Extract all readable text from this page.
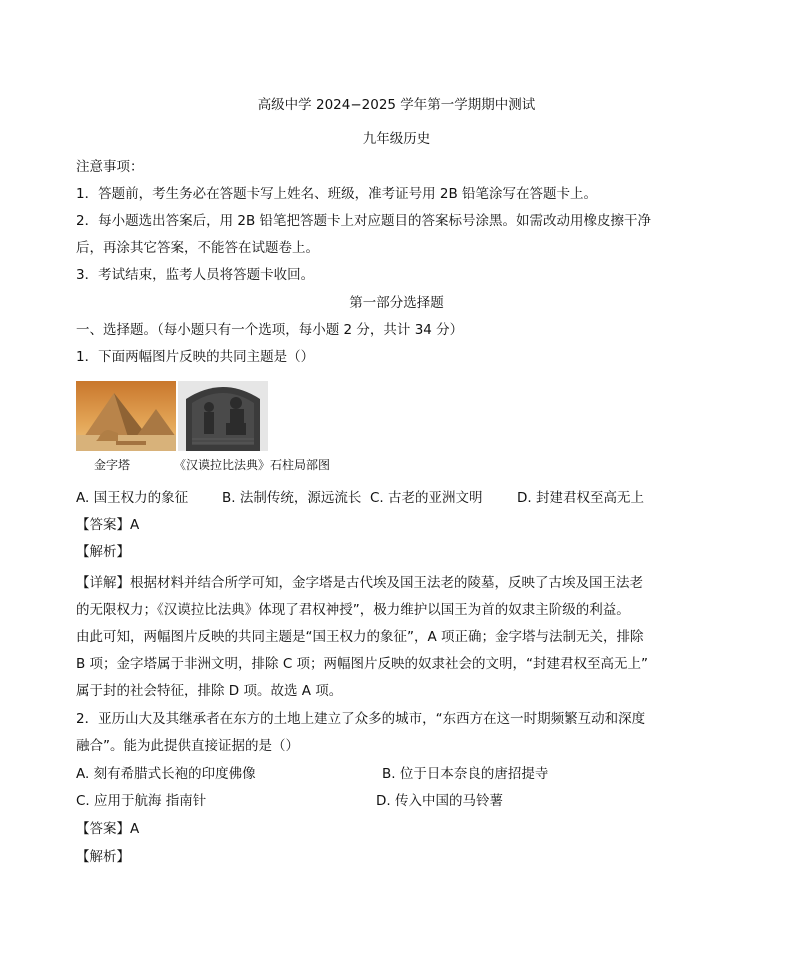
高级中学 2024−2025 学年第一学期期中测试
九年级历史
注意事项：
1．答题前，考生务必在答题卡写上姓名、班级，准考证号用 2B 铅笔涂写在答题卡上。
2．每小题选出答案后，用 2B 铅笔把答题卡上对应题目的答案标号涂黑。如需改动用橡皮擦干净
后，再涂其它答案，不能答在试题卷上。
3．考试结束，监考人员将答题卡收回。
第一部分选择题
一、选择题。（每小题只有一个选项，每小题 2 分，共计 34 分）
1．下面两幅图片反映的共同主题是（）
金字塔	《汉谟拉比法典》石柱局部图
A. 国王权力的象征	B. 法制传统，源远流长 C. 古老的亚洲文明	D. 封建君权至高无上
【答案】A
【解析】
【详解】根据材料并结合所学可知，金字塔是古代埃及国王法老的陵墓，反映了古埃及国王法老
的无限权力；《汉谟拉比法典》体现了君权神授”，极力维护以国王为首的奴隶主阶级的利益。
由此可知，两幅图片反映的共同主题是“国王权力的象征”，A 项正确；金字塔与法制无关，排除
B 项；金字塔属于非洲文明，排除 C 项；两幅图片反映的奴隶社会的文明，“封建君权至高无上”
属于封的社会特征，排除 D 项。故选 A 项。
2．亚历山大及其继承者在东方的土地上建立了众多的城市，“东西方在这一时期频繁互动和深度
融合”。能为此提供直接证据的是（）
A. 刻有希腊式长袍的印度佛像	B. 位于日本奈良的唐招提寺
C. 应用于航海 指南针	D. 传入中国的马铃薯
【答案】A
【解析】
